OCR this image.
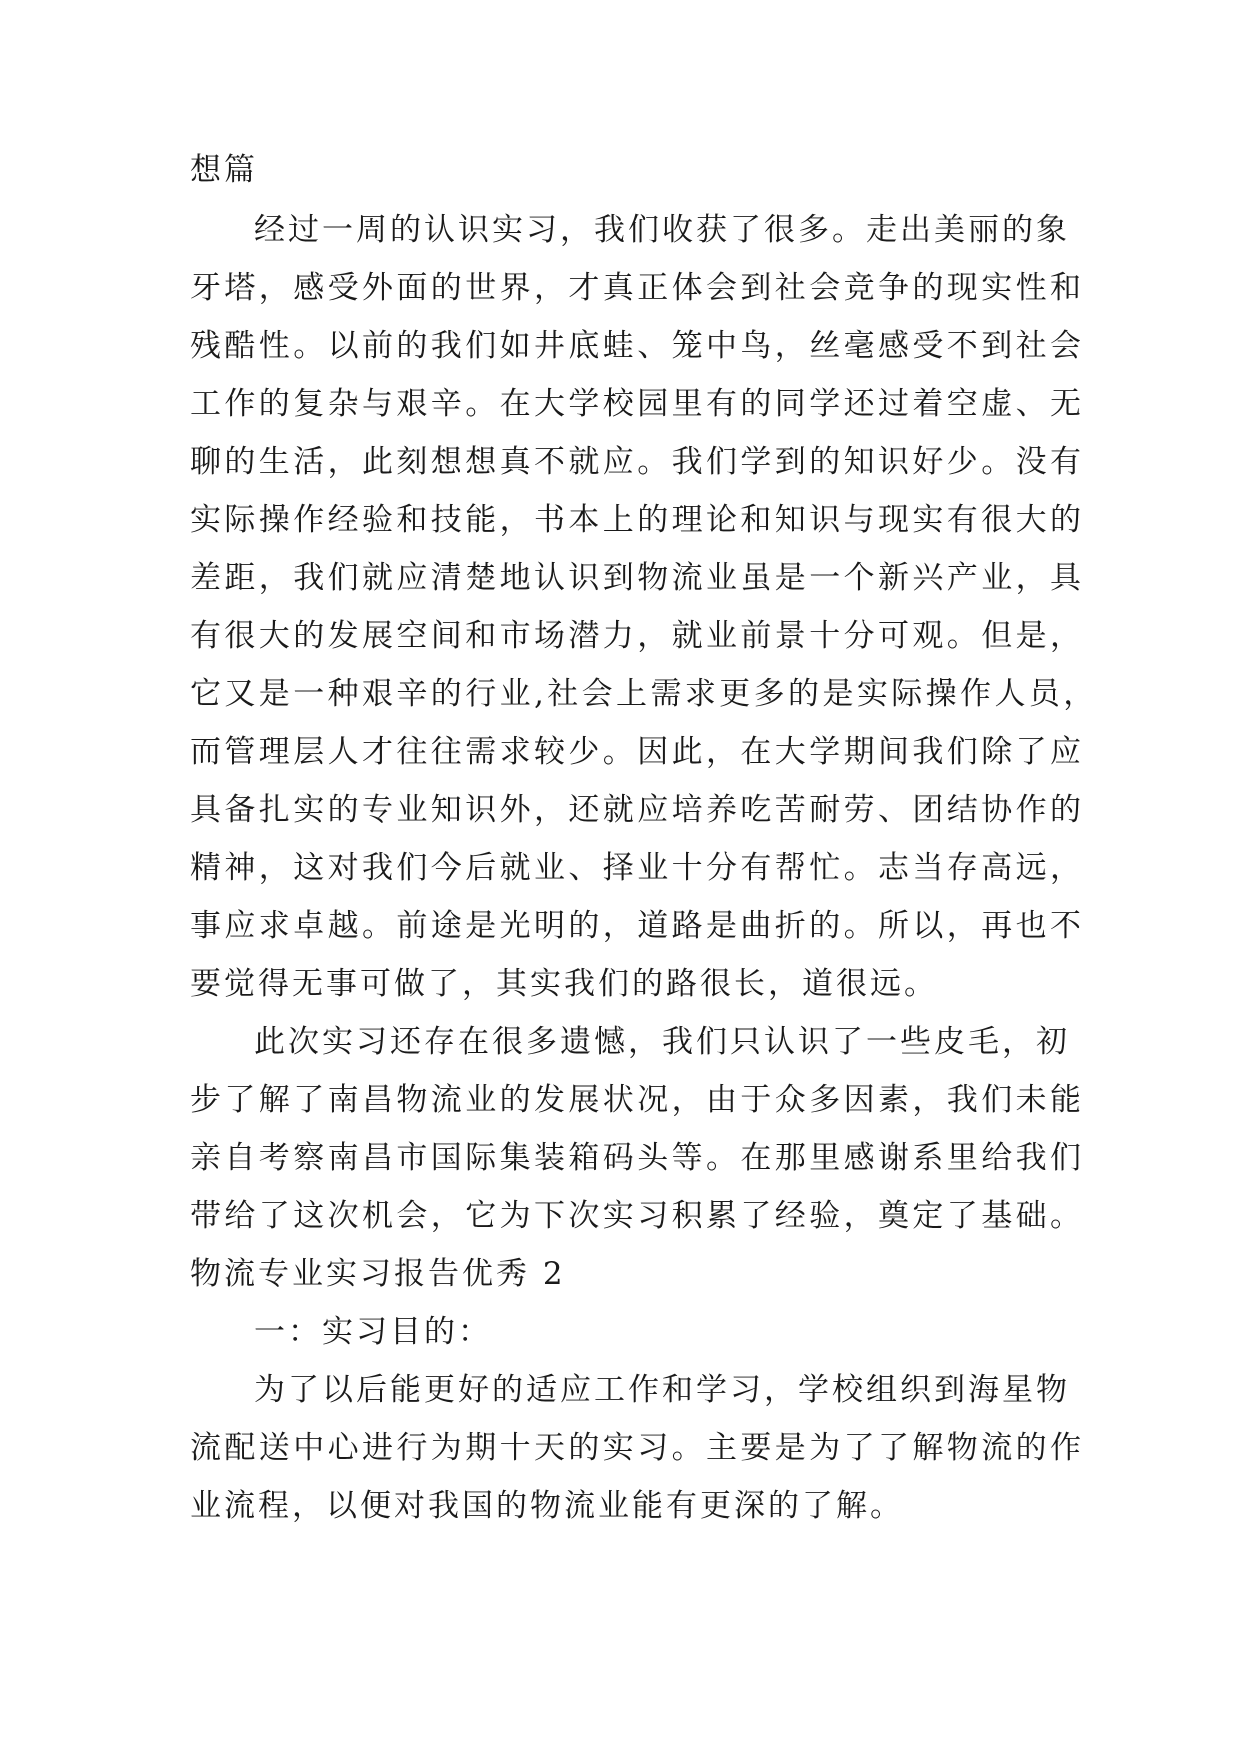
想篇
经过一周的认识实习，我们收获了很多。走出美丽的象
牙塔，感受外面的世界，才真正体会到社会竞争的现实性和
残酷性。以前的我们如井底蛙、笼中鸟，丝毫感受不到社会
工作的复杂与艰辛。在大学校园里有的同学还过着空虚、无
聊的生活，此刻想想真不就应。我们学到的知识好少。没有
实际操作经验和技能，书本上的理论和知识与现实有很大的
差距，我们就应清楚地认识到物流业虽是一个新兴产业，具
有很大的发展空间和市场潜力，就业前景十分可观。但是，
它又是一种艰辛的行业,社会上需求更多的是实际操作人员，
而管理层人才往往需求较少。因此，在大学期间我们除了应
具备扎实的专业知识外，还就应培养吃苦耐劳、团结协作的
精神，这对我们今后就业、择业十分有帮忙。志当存高远，
事应求卓越。前途是光明的，道路是曲折的。所以，再也不
要觉得无事可做了，其实我们的路很长，道很远。
此次实习还存在很多遗憾，我们只认识了一些皮毛，初
步了解了南昌物流业的发展状况，由于众多因素，我们未能
亲自考察南昌市国际集装箱码头等。在那里感谢系里给我们
带给了这次机会，它为下次实习积累了经验，奠定了基础。
物流专业实习报告优秀 2
一：实习目的：
为了以后能更好的适应工作和学习，学校组织到海星物
流配送中心进行为期十天的实习。主要是为了了解物流的作
业流程，以便对我国的物流业能有更深的了解。
